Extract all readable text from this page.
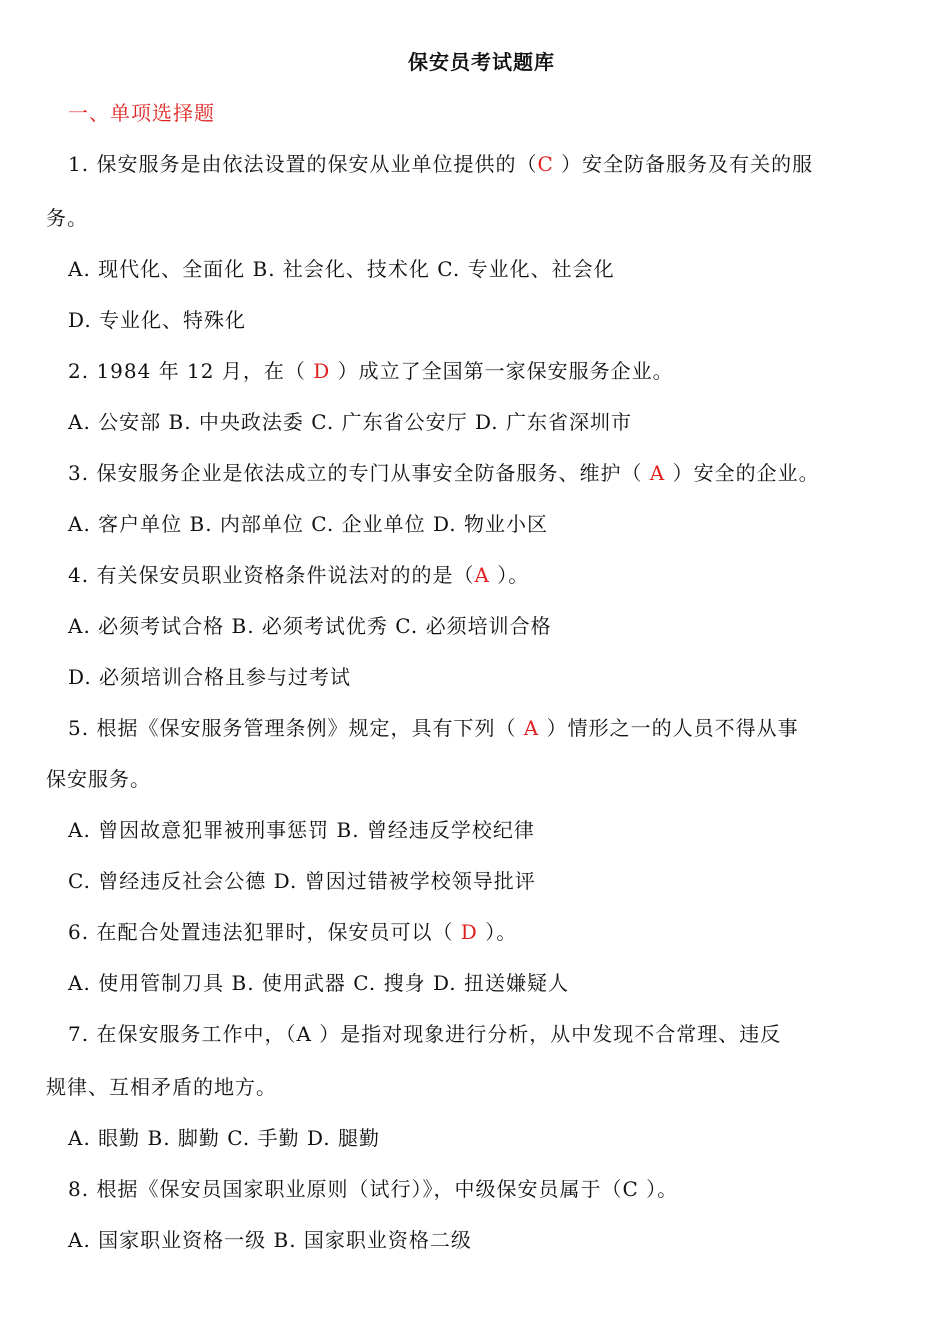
保安员考试题库
一、单项选择题
1. 保安服务是由依法设置的保安从业单位提供的（C ）安全防备服务及有关的服
务。
A. 现代化、全面化 B. 社会化、技术化 C. 专业化、社会化
D. 专业化、特殊化
2. 1984 年 12 月，在（ D ）成立了全国第一家保安服务企业。
A. 公安部 B. 中央政法委 C. 广东省公安厅 D. 广东省深圳市
3. 保安服务企业是依法成立的专门从事安全防备服务、维护（ A ）安全的企业。
A. 客户单位 B. 内部单位 C. 企业单位 D. 物业小区
4. 有关保安员职业资格条件说法对的的是（A ）。
A. 必须考试合格 B. 必须考试优秀 C. 必须培训合格
D. 必须培训合格且参与过考试
5. 根据《保安服务管理条例》规定，具有下列（ A ）情形之一的人员不得从事
保安服务。
A. 曾因故意犯罪被刑事惩罚 B. 曾经违反学校纪律
C. 曾经违反社会公德 D. 曾因过错被学校领导批评
6. 在配合处置违法犯罪时，保安员可以（ D ）。
A. 使用管制刀具 B. 使用武器 C. 搜身 D. 扭送嫌疑人
7. 在保安服务工作中，（A ）是指对现象进行分析，从中发现不合常理、违反
规律、互相矛盾的地方。
A. 眼勤 B. 脚勤 C. 手勤 D. 腿勤
8. 根据《保安员国家职业原则（试行）》，中级保安员属于（C ）。
A. 国家职业资格一级 B. 国家职业资格二级
